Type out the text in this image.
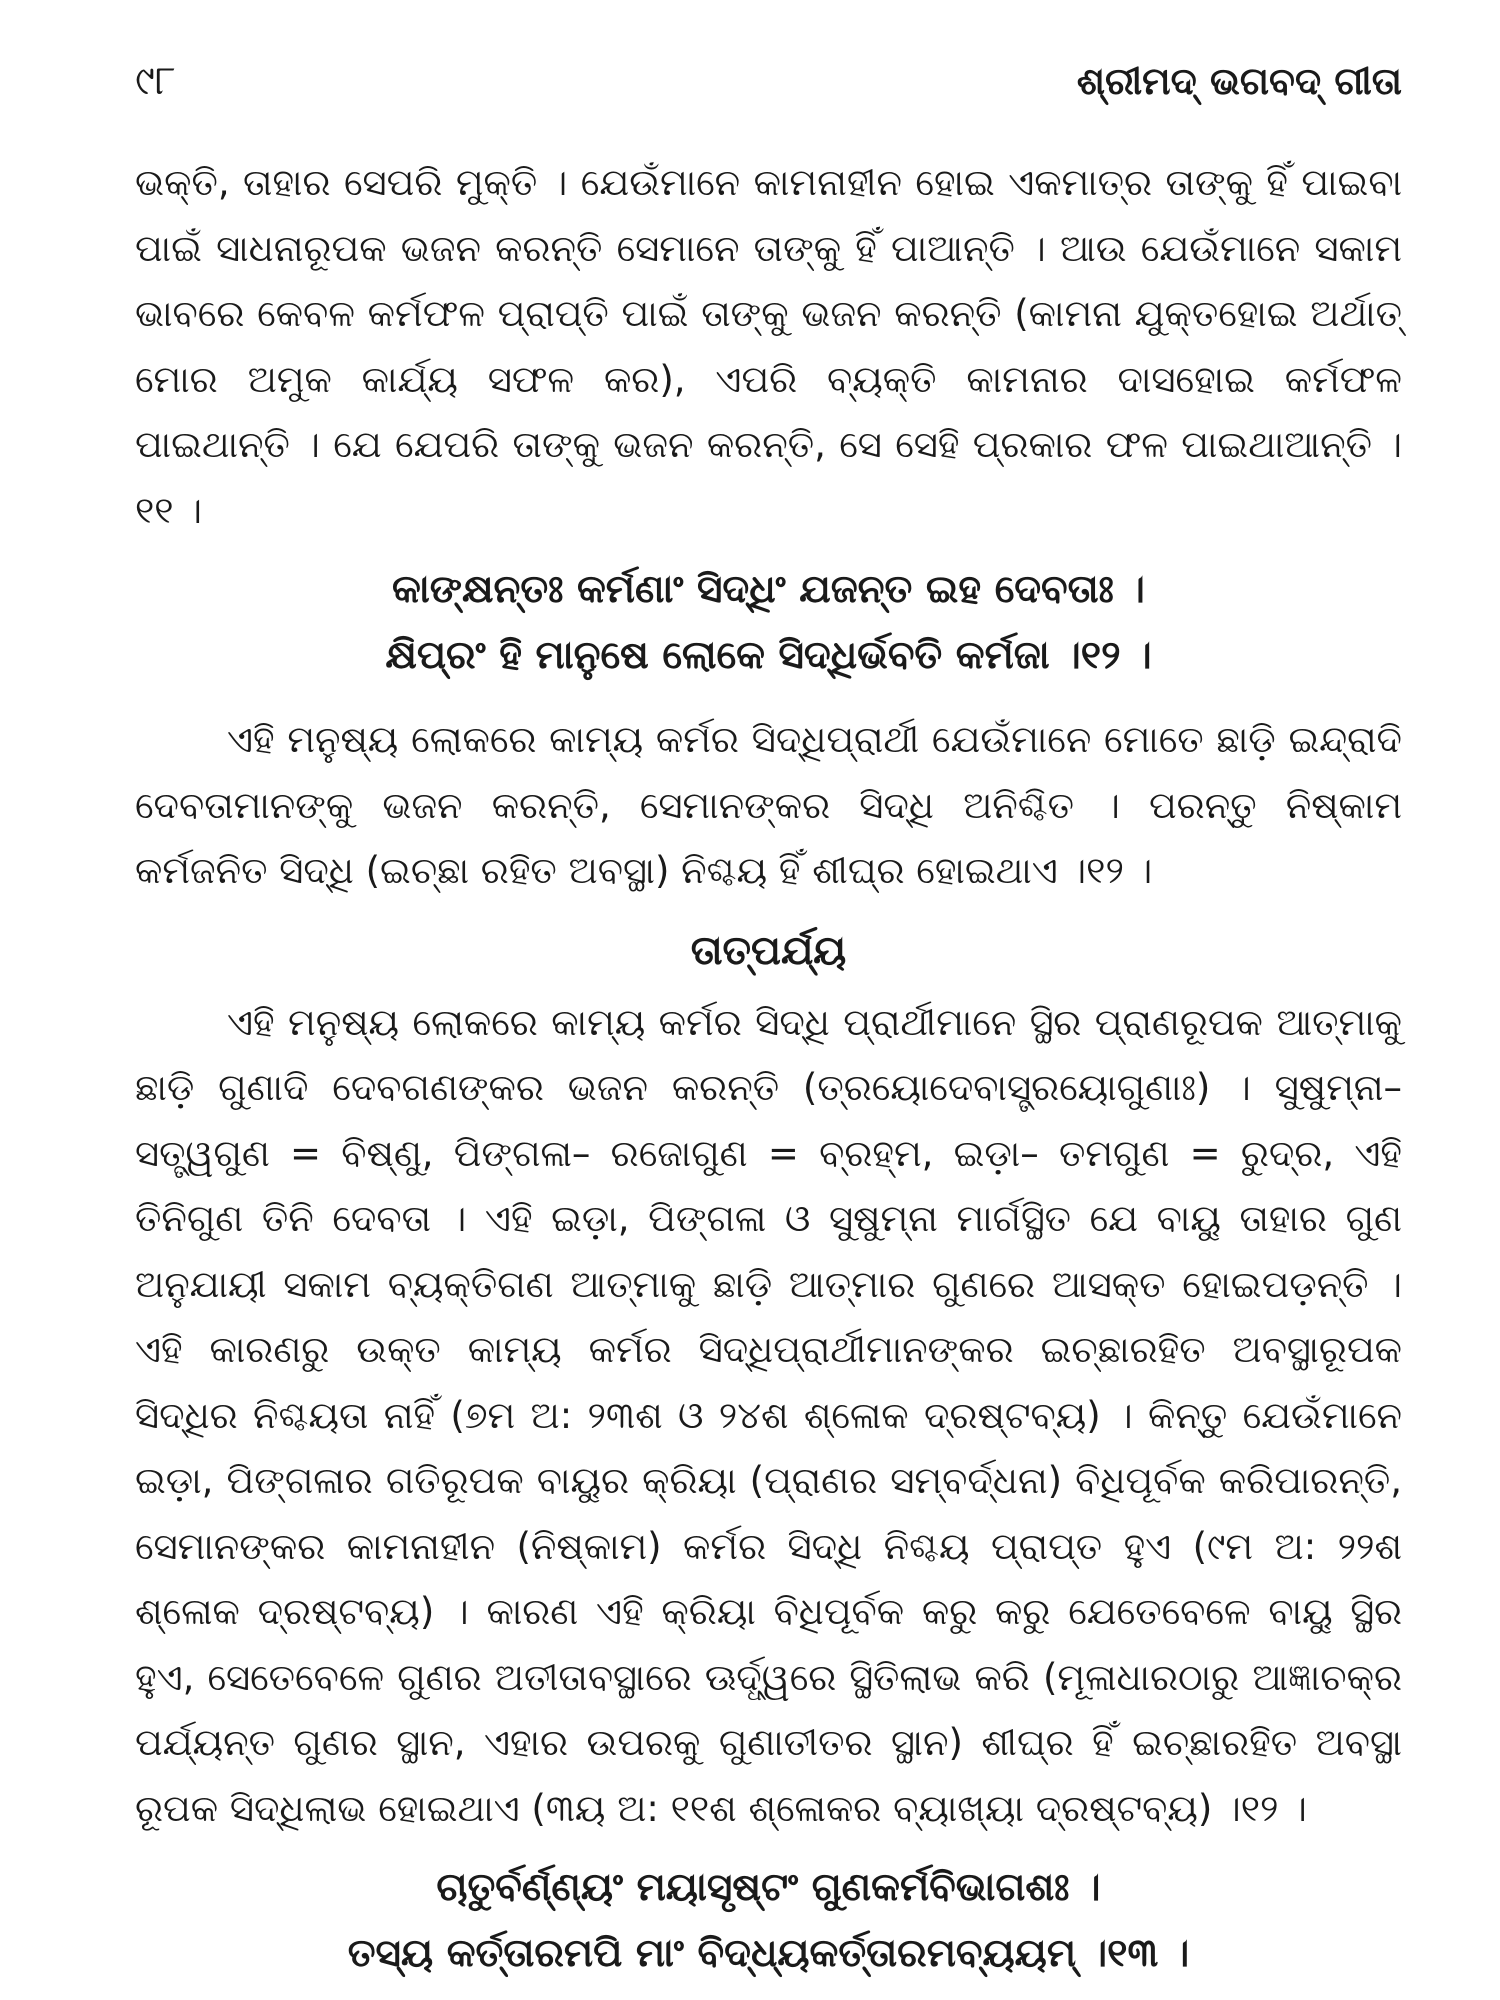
୯୮	ଶ୍ରୀମଦ୍ ଭଗବଦ୍ ଗୀତା

ଭକ୍ତି, ତାହାର ସେପରି ମୁକ୍ତି । ଯେଉଁମାନେ କାମନାହୀନ ହୋଇ ଏକମାତ୍ର ତାଙ୍କୁ ହିଁ ପାଇବା ପାଇଁ ସାଧନାରୂପକ ଭଜନ କରନ୍ତି ସେମାନେ ତାଙ୍କୁ ହିଁ ପାଆନ୍ତି । ଆଉ ଯେଉଁମାନେ ସକାମ ଭାବରେ କେବଳ କର୍ମଫଳ ପ୍ରାପ୍ତି ପାଇଁ ତାଙ୍କୁ ଭଜନ କରନ୍ତି (କାମନା ଯୁକ୍ତହୋଇ ଅର୍ଥାତ୍ ମୋର ଅମୁକ କାର୍ଯ୍ୟ ସଫଳ କର), ଏପରି ବ୍ୟକ୍ତି କାମନାର ଦାସହୋଇ କର୍ମଫଳ ପାଇଥାନ୍ତି । ଯେ ଯେପରି ତାଙ୍କୁ ଭଜନ କରନ୍ତି, ସେ ସେହି ପ୍ରକାର ଫଳ ପାଇଥାଆନ୍ତି ।୧୧ ।

କାଙ୍‌କ୍ଷନ୍ତଃ କର୍ମଣାଂ ସିଦ୍ଧିଂ ଯଜନ୍ତ ଇହ ଦେବତାଃ ।

କ୍ଷିପ୍ରଂ ହି ମାନୁଷେ ଲୋକେ ସିଦ୍ଧିର୍ଭବତି କର୍ମଜା ।୧୨ ।

ଏହି ମନୁଷ୍ୟ ଲୋକରେ କାମ୍ୟ କର୍ମର ସିଦ୍ଧିପ୍ରାର୍ଥୀ ଯେଉଁମାନେ ମୋତେ ଛାଡ଼ି ଇନ୍ଦ୍ରାଦି ଦେବତାମାନଙ୍କୁ ଭଜନ କରନ୍ତି, ସେମାନଙ୍କର ସିଦ୍ଧି ଅନିଶ୍ଚିତ । ପରନ୍ତୁ ନିଷ୍କାମ କର୍ମଜନିତ ସିଦ୍ଧି (ଇଚ୍ଛା ରହିତ ଅବସ୍ଥା) ନିଶ୍ଚୟ ହିଁ ଶୀଘ୍ର ହୋଇଥାଏ ।୧୨ ।

ତାତ୍ପର୍ଯ୍ୟ

ଏହି ମନୁଷ୍ୟ ଲୋକରେ କାମ୍ୟ କର୍ମର ସିଦ୍ଧି ପ୍ରାର୍ଥୀମାନେ ସ୍ଥିର ପ୍ରାଣରୂପକ ଆତ୍ମାକୁ ଛାଡ଼ି ଗୁଣାଦି ଦେବଗଣଙ୍କର ଭଜନ କରନ୍ତି (ତ୍ରୟୋଦେବାସ୍ତ୍ରୟୋଗୁଣାଃ) । ସୁଷୁମ୍ନା– ସତ୍ତ୍ୱଗୁଣ = ବିଷ୍ଣୁ, ପିଙ୍ଗଳା– ରଜୋଗୁଣ = ବ୍ରହ୍ମ, ଇଡ଼ା– ତମଗୁଣ = ରୁଦ୍ର, ଏହି ତିନିଗୁଣ ତିନି ଦେବତା । ଏହି ଇଡ଼ା, ପିଙ୍ଗଳା ଓ ସୁଷୁମ୍ନା ମାର୍ଗସ୍ଥିତ ଯେ ବାୟୁ ତାହାର ଗୁଣ ଅନୁଯାୟୀ ସକାମ ବ୍ୟକ୍ତିଗଣ ଆତ୍ମାକୁ ଛାଡ଼ି ଆତ୍ମାର ଗୁଣରେ ଆସକ୍ତ ହୋଇପଡ଼ନ୍ତି । ଏହି କାରଣରୁ ଉକ୍ତ କାମ୍ୟ କର୍ମର ସିଦ୍ଧିପ୍ରାର୍ଥୀମାନଙ୍କର ଇଚ୍ଛାରହିତ ଅବସ୍ଥାରୂପକ ସିଦ୍ଧିର ନିଶ୍ଚୟତା ନାହିଁ (୭ମ ଅ: ୨୩ଶ ଓ ୨୪ଶ ଶ୍ଳୋକ ଦ୍ରଷ୍ଟବ୍ୟ) । କିନ୍ତୁ ଯେଉଁମାନେ ଇଡ଼ା, ପିଙ୍ଗଳାର ଗତିରୂପକ ବାୟୁର କ୍ରିୟା (ପ୍ରାଣର ସମ୍ବର୍ଦ୍ଧନା) ବିଧିପୂର୍ବକ କରିପାରନ୍ତି, ସେମାନଙ୍କର କାମନାହୀନ (ନିଷ୍କାମ) କର୍ମର ସିଦ୍ଧି ନିଶ୍ଚୟ ପ୍ରାପ୍ତ ହୁଏ (୯ମ ଅ: ୨୨ଶ ଶ୍ଳୋକ ଦ୍ରଷ୍ଟବ୍ୟ) । କାରଣ ଏହି କ୍ରିୟା ବିଧିପୂର୍ବକ କରୁ କରୁ ଯେତେବେଳେ ବାୟୁ ସ୍ଥିର ହୁଏ, ସେତେବେଳେ ଗୁଣର ଅତୀତାବସ୍ଥାରେ ଊର୍ଦ୍ଧ୍ୱରେ ସ୍ଥିତିଲାଭ କରି (ମୂଳାଧାରଠାରୁ ଆଜ୍ଞାଚକ୍ର ପର୍ଯ୍ୟନ୍ତ ଗୁଣର ସ୍ଥାନ, ଏହାର ଉପରକୁ ଗୁଣାତୀତର ସ୍ଥାନ) ଶୀଘ୍ର ହିଁ ଇଚ୍ଛାରହିତ ଅବସ୍ଥା ରୂପକ ସିଦ୍ଧିଲାଭ ହୋଇଥାଏ (୩ୟ ଅ: ୧୧ଶ ଶ୍ଳୋକର ବ୍ୟାଖ୍ୟା ଦ୍ରଷ୍ଟବ୍ୟ) ।୧୨ ।

ଚାତୁର୍ବର୍ଣ୍ଣ୍ୟଂ ମୟାସୃଷ୍ଟଂ ଗୁଣକର୍ମବିଭାଗଶଃ ।

ତସ୍ୟ କର୍ତ୍ତାରମପି ମାଂ ବିଦ୍ଧ୍ୟକର୍ତ୍ତାରମବ୍ୟୟମ୍ ।୧୩ ।
